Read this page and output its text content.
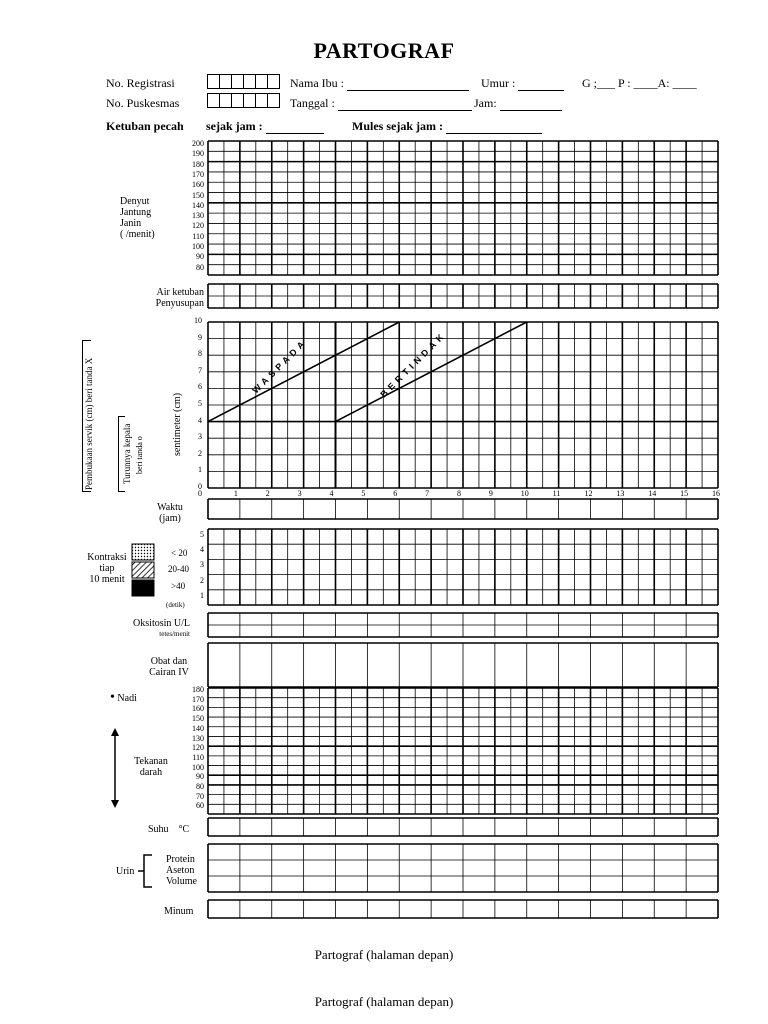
PARTOGRAF
No. Registrasi
No. Puskesmas
Nama Ibu :	Umur :	G ;___ P : ____A: ____
Tanggal :	Jam:
Ketuban pecah sejak jam :	Mules sejak jam :
Denyut
Jantung
Janin
( /menit)
200
190
180
170
160
150
140
130
120
110
100
90
80
Air ketuban
Penyusupan
Pembukaan servik (cm) beri tanda X	Turunnya kepala beri tanda o	sentimeter (cm)
10
9
8
7
6
5
4
3
2
1
0
WASPADA	BERTINDAK
1	2	3	4	5	6	7	8	9	10	11	12	13	14	15	16
0
Waktu
(jam)
Kontraksi
tiap
10 menit
< 20
20-40
>40
(detik)
5
4
3
2
1
Oksitosin U/L
tetes/menit
Obat dan
Cairan IV
• Nadi
Tekanan
darah
180
170
160
150
140
130
120
110
100
90
80
70
60
Suhu °C
Urin
Protein
Aseton
Volume
Minum
Partograf (halaman depan)
Partograf (halaman depan)
